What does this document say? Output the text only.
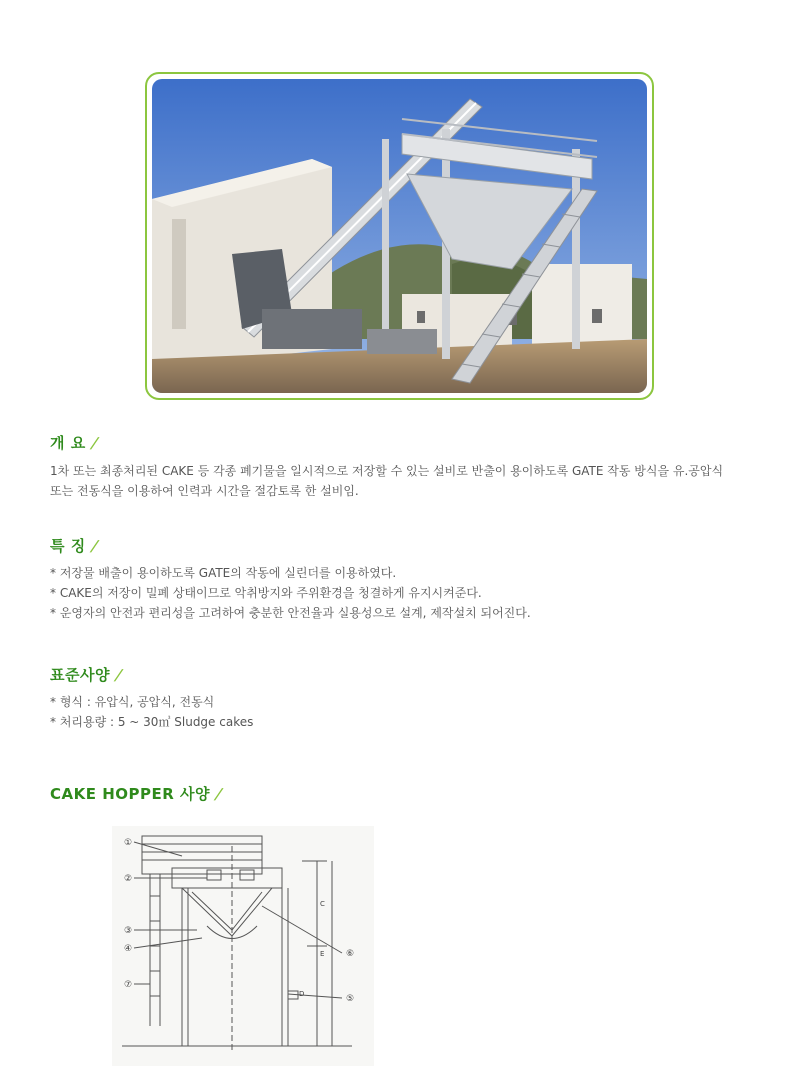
개 요 /

1차 또는 최종처리된 CAKE 등 각종 폐기물을 일시적으로 저장할 수 있는 설비로 반출이 용이하도록 GATE 작동 방식을 유.공압식

또는 전동식을 이용하여 인력과 시간을 절감토록 한 설비임.

특 징 /

* 저장물 배출이 용이하도록 GATE의 작동에 실린더를 이용하였다.

* CAKE의 저장이 밀폐 상태이므로 악취방지와 주위환경을 청결하게 유지시켜준다.

* 운영자의 안전과 편리성을 고려하여 충분한 안전율과 실용성으로 설계, 제작설치 되어진다.

표준사양 /

* 형식 : 유압식, 공압식, 전동식

* 처리용량 : 5 ~ 30㎥ Sludge cakes

CAKE HOPPER 사양 /
①
②
③
④
⑦
⑥
⑤
C
E
D
